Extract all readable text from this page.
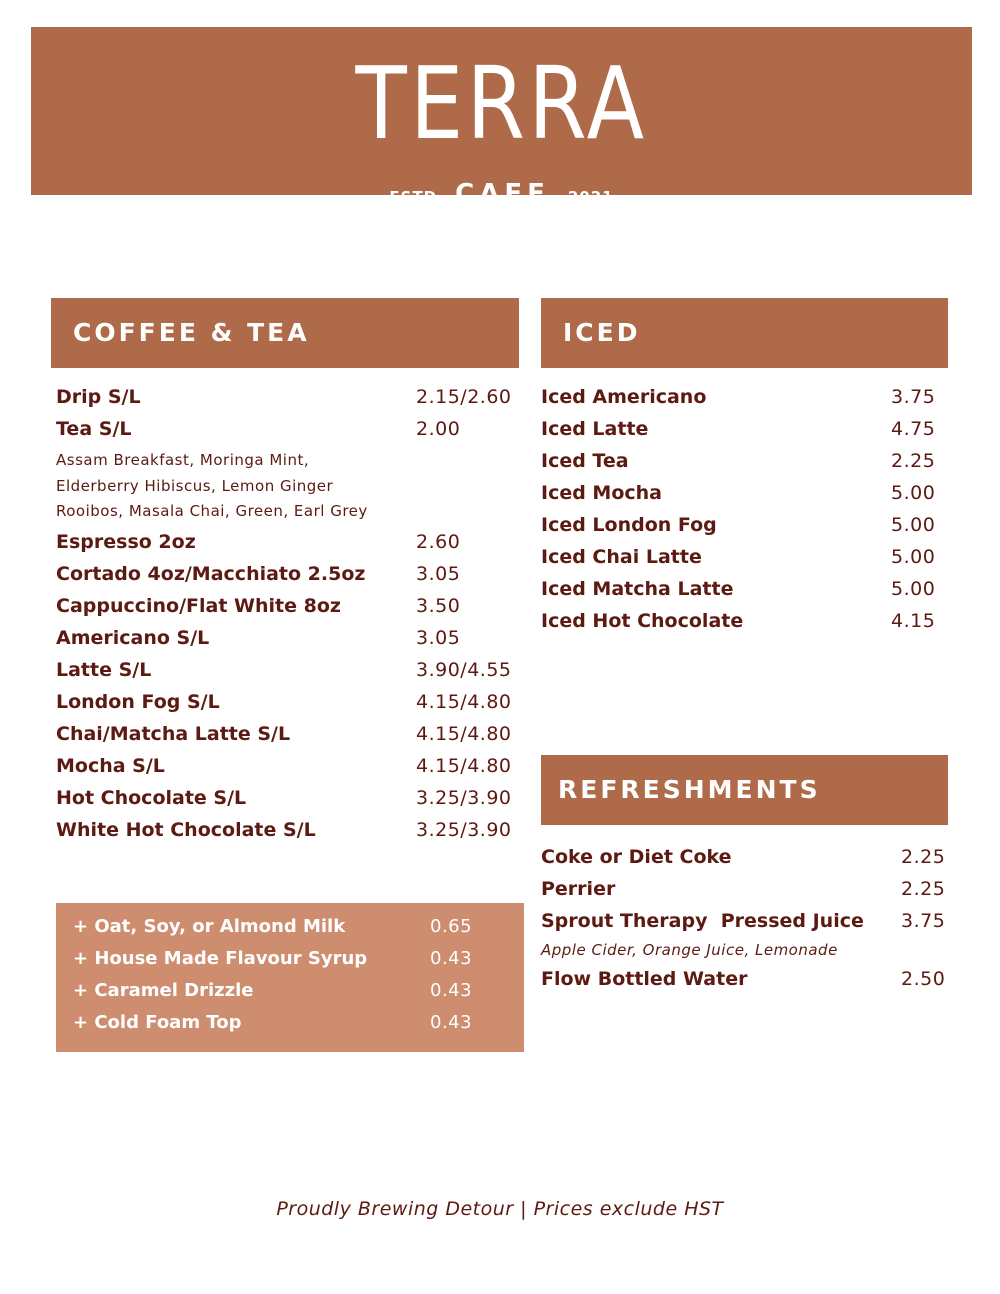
TERRA
ESTD CAFE 2021
COFFEE & TEA
Drip S/L	2.15/2.60
Tea S/L	2.00
Assam Breakfast, Moringa Mint,
Elderberry Hibiscus, Lemon Ginger
Rooibos, Masala Chai, Green, Earl Grey
Espresso 2oz	2.60
Cortado 4oz/Macchiato 2.5oz	3.05
Cappuccino/Flat White 8oz	3.50
Americano S/L	3.05
Latte S/L	3.90/4.55
London Fog S/L	4.15/4.80
Chai/Matcha Latte S/L	4.15/4.80
Mocha S/L	4.15/4.80
Hot Chocolate S/L	3.25/3.90
White Hot Chocolate S/L	3.25/3.90
+ Oat, Soy, or Almond Milk	0.65
+ House Made Flavour Syrup	0.43
+ Caramel Drizzle	0.43
+ Cold Foam Top	0.43
ICED
Iced Americano	3.75
Iced Latte	4.75
Iced Tea	2.25
Iced Mocha	5.00
Iced London Fog	5.00
Iced Chai Latte	5.00
Iced Matcha Latte	5.00
Iced Hot Chocolate	4.15
REFRESHMENTS
Coke or Diet Coke	2.25
Perrier	2.25
Sprout Therapy  Pressed Juice 3.75
Apple Cider, Orange Juice, Lemonade
Flow Bottled Water	2.50
Proudly Brewing Detour | Prices exclude HST
